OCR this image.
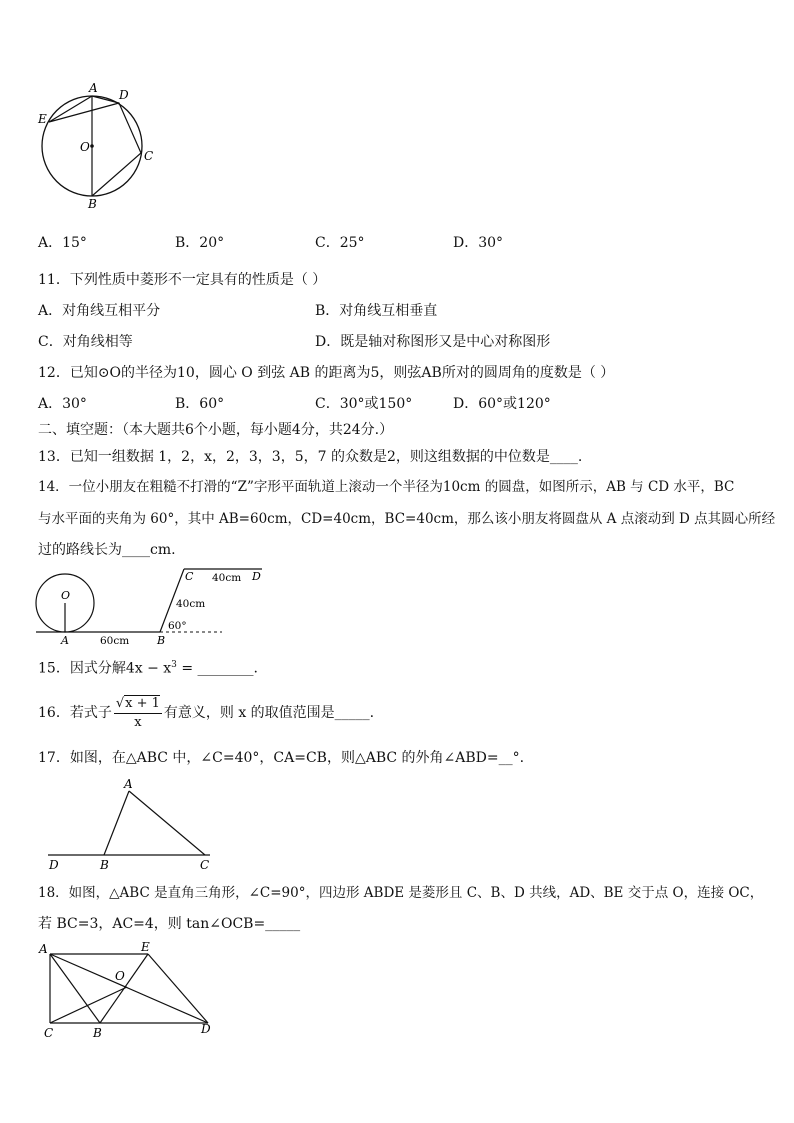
A D
E
O
C
B
A．15°	B．20°	C．25°	D．30°
11．下列性质中菱形不一定具有的性质是（ ）
A．对角线互相平分	B．对角线互相垂直
C．对角线相等	D．既是轴对称图形又是中心对称图形
12．已知⊙O的半径为10，圆心 O 到弦 AB 的距离为5，则弦AB所对的圆周角的度数是（ ）
A．30°	B．60°	C．30°或150°	D．60°或120°
二、填空题：（本大题共6个小题，每小题4分，共24分.）
13．已知一组数据 1，2，x，2，3，3，5，7 的众数是2，则这组数据的中位数是____.
14．一位小朋友在粗糙不打滑的“Z”字形平面轨道上滚动一个半径为10cm 的圆盘，如图所示，AB 与 CD 水平，BC
与水平面的夹角为 60°，其中 AB=60cm，CD=40cm，BC=40cm，那么该小朋友将圆盘从 A 点滚动到 D 点其圆心所经
过的路线长为____cm.
O
A	B
C	D
60cm
40cm
40cm
60°
15．因式分解$4x - x^3$ = ________.
16．若式子 $\frac{√x + 1}{x}$ 有意义，则 x 的取值范围是_____.
17．如图，在△ABC 中，∠C=40°，CA=CB，则△ABC 的外角∠ABD=__°.
A
D	B	C
18．如图，△ABC 是直角三角形，∠C=90°，四边形 ABDE 是菱形且 C、B、D 共线，AD、BE 交于点 O，连接 OC，
若 BC=3，AC=4，则 tan∠OCB=_____
A	E
O
C	B	D
